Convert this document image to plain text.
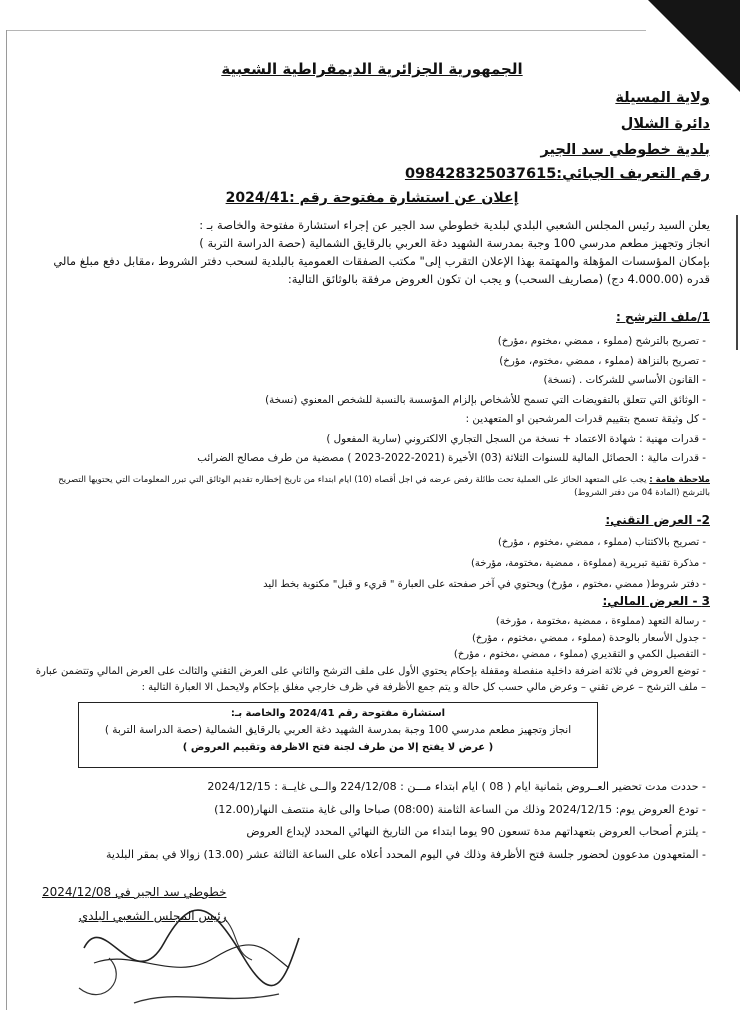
الجمهورية الجزائرية الديمقراطية الشعبية
ولاية المسيلة
دائرة الشلال
بلدية خطوطي سد الجير
رقم التعريف الجبائي:098428325037615
إعلان عن استشارة مفتوحة رقم :2024/41
يعلن السيد رئيس المجلس الشعبي البلدي لبلدية خطوطي سد الجير عن إجراء استشارة مفتوحة والخاصة بـ :
انجاز وتجهيز مطعم مدرسي 100 وجبة بمدرسة الشهيد دغة العربي بالرقايق الشمالية (حصة الدراسة التربة )
بإمكان المؤسسات المؤهلة والمهتمة بهذا الإعلان التقرب إلى" مكتب الصفقات العمومية بالبلدية لسحب دفتر الشروط ،مقابل دفع مبلغ مالي قدره (4.000.00 دج) (مصاريف السحب) و يجب ان تكون العروض مرفقة بالوثائق التالية:
1/ملف الترشح :
- تصريح بالترشح (مملوء ، ممضي ،مختوم ،مؤرخ)
- تصريح بالنزاهة (مملوء ، ممضي ،مختوم، مؤرخ)
- القانون الأساسي للشركات . (نسخة)
- الوثائق التي تتعلق بالتفويضات التي تسمح للأشخاص بإلزام المؤسسة بالنسبة للشخص المعنوي (نسخة)
- كل وثيقة تسمح بتقييم قدرات المرشحين او المتعهدين :
- قدرات مهنية : شهادة الاعتماد + نسخة من السجل التجاري الالكتروني (سارية المفعول )
- قدرات مالية : الحصائل المالية للسنوات الثلاثة (03) الأخيرة (2021-2022-2023 ) مصضية من طرف مصالح الضرائب
ملاحظة هامة : يجب على المتعهد الحائز على العملية تحت طائلة رفض عرضه في اجل أقصاه (10) ايام ابتداء من تاريخ إخطاره تقديم الوثائق التي تبرر المعلومات التي يحتويها التصريح بالترشح (المادة 04 من دفتر الشروط)
2- العرض التقني:
- تصريح بالاكتتاب (مملوء ، ممضي ،مختوم ، مؤرخ)
- مذكرة تقنية تبريرية (مملوءة ، ممضية ،مختومة، مؤرخة)
- دفتر شروط( ممضي ،مختوم ، مؤرخ) ويحتوي في آخر صفحته على العبارة " قريء و قبل" مكتوبة بخط اليد
3 - العرض المالي:
- رسالة التعهد (مملوءة ، ممضية ،مختومة ، مؤرخة)
- جدول الأسعار بالوحدة (مملوء ، ممضي ،مختوم ، مؤرخ)
- التفصيل الكمي و التقديري (مملوء ، ممضي ،مختوم ، مؤرخ)
- توضع العروض في ثلاثة اضرفة داخلية منفصلة ومقفلة بإحكام يحتوي الأول على ملف الترشح والثاني على العرض التقني والثالث على العرض المالي وتتضمن عبارة – ملف الترشح – عرض تقني – وعرض مالي حسب كل حالة و يتم جمع الأظرفة في ظرف خارجي مغلق بإحكام ولايحمل الا العبارة التالية :
استشارة مفتوحة رقم 2024/41 والخاصة بـ:
انجاز وتجهيز مطعم مدرسي 100 وجبة بمدرسة الشهيد دغة العربي بالرقايق الشمالية (حصة الدراسة التربة )
( عرض لا يفتح إلا من طرف لجنة فتح الاظرفة وتقييم العروض )
- حددت مدت تحضير العــروض بثمانية ايام ( 08 ) ايام ابتداء مـــن : 224/12/08 والــى غايــة : 2024/12/15
- تودع العروض يوم: 2024/12/15 وذلك من الساعة الثامنة (08:00) صباحا والى غاية منتصف النهار(12.00)
- يلتزم أصحاب العروض بتعهداتهم مدة تسعون 90 يوما ابتداء من التاريخ النهائي المحدد لإيداع العروض
- المتعهدون مدعوون لحضور جلسة فتح الأظرفة وذلك في اليوم المحدد أعلاه على الساعة الثالثة عشر (13.00) زوالا في بمقر البلدية
خطوطي سد الجير في 2024/12/08
رئيس المجلس الشعبي البلدي
